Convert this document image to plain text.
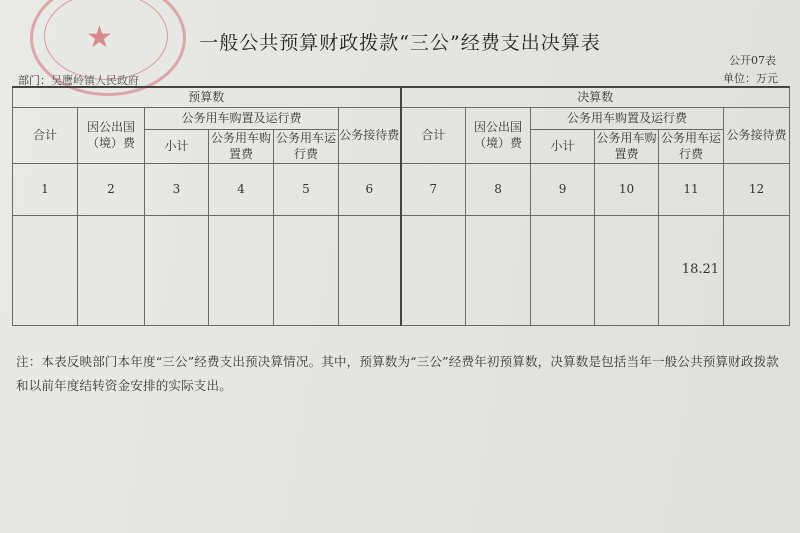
★	一般公共预算财政拨款“三公”经费支出决算表
公开07表
单位：万元
部门：吴鹰岭镇人民政府
预算数						决算数					
合计	因公出国（境）费	公务用车购置及运行费			公务接待费	合计	因公出国（境）费	公务用车购置及运行费			公务接待费
		小计	公务用车购置费	公务用车运行费				小计	公务用车购置费	公务用车运行费	
1	2	3	4	5	6	7	8	9	10	11	12
										18.21	
注：本表反映部门本年度“三公”经费支出预决算情况。其中，预算数为“三公”经费年初预算数，决算数是包括当年一般公共预算财政拨款和以前年度结转资金安排的实际支出。
